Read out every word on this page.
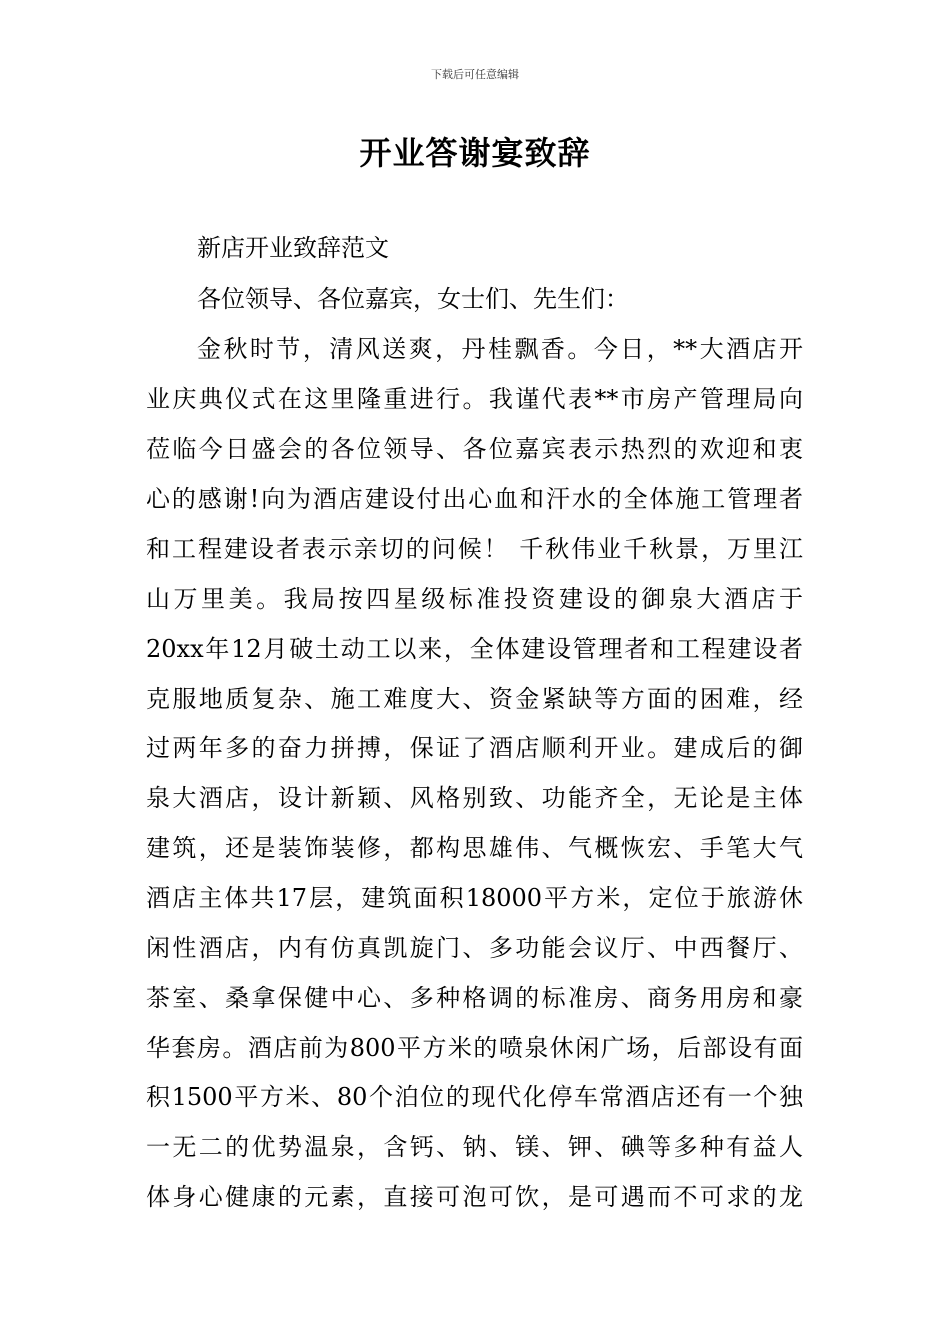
下载后可任意编辑
开业答谢宴致辞
新店开业致辞范文
各位领导、各位嘉宾，女士们、先生们：
金秋时节，清风送爽，丹桂飘香。今日，**大酒店开
业庆典仪式在这里隆重进行。我谨代表**市房产管理局向
莅临今日盛会的各位领导、各位嘉宾表示热烈的欢迎和衷
心的感谢!向为酒店建设付出心血和汗水的全体施工管理者
和工程建设者表示亲切的问候！ 千秋伟业千秋景，万里江
山万里美。我局按四星级标准投资建设的御泉大酒店于
20xx年12月破土动工以来，全体建设管理者和工程建设者
克服地质复杂、施工难度大、资金紧缺等方面的困难，经
过两年多的奋力拼搏，保证了酒店顺利开业。建成后的御
泉大酒店，设计新颖、风格别致、功能齐全，无论是主体
建筑，还是装饰装修，都构思雄伟、气概恢宏、手笔大气
酒店主体共17层，建筑面积18000平方米，定位于旅游休
闲性酒店，内有仿真凯旋门、多功能会议厅、中西餐厅、
茶室、桑拿保健中心、多种格调的标准房、商务用房和豪
华套房。酒店前为800平方米的喷泉休闲广场，后部设有面
积1500平方米、80个泊位的现代化停车常酒店还有一个独
一无二的优势温泉，含钙、钠、镁、钾、碘等多种有益人
体身心健康的元素，直接可泡可饮，是可遇而不可求的龙
